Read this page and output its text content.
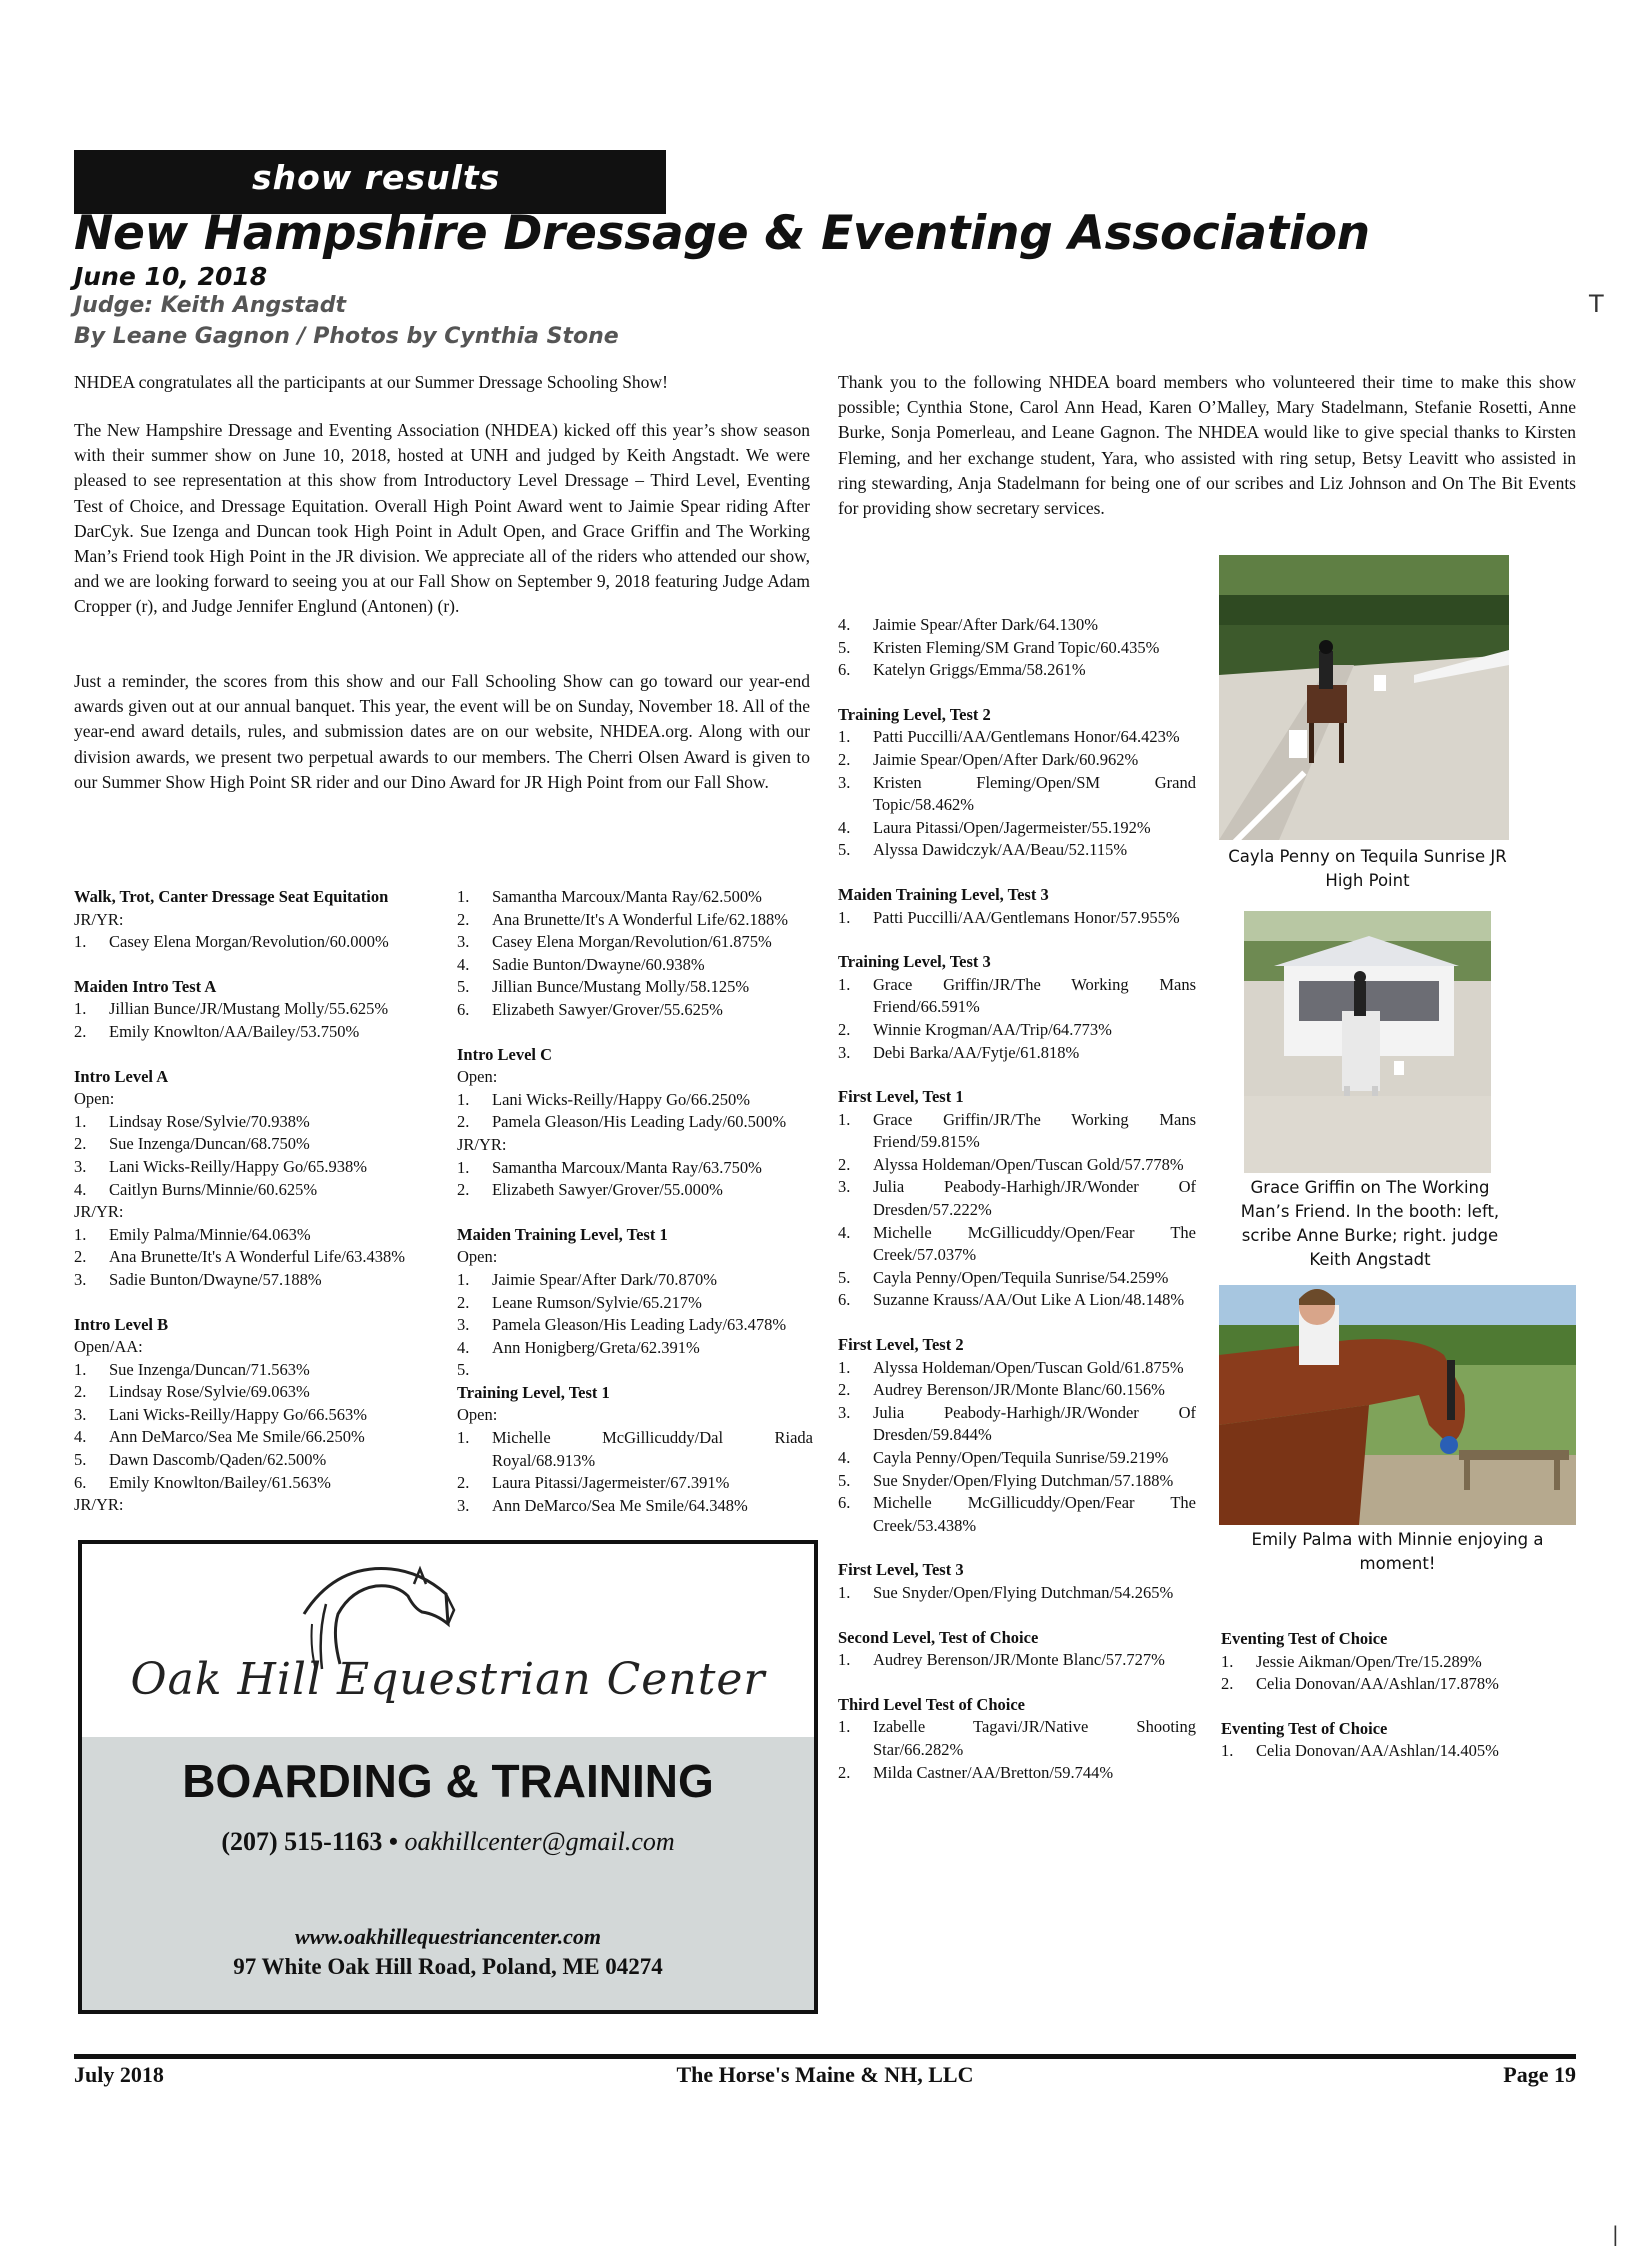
show results
New Hampshire Dressage & Eventing Association
June 10, 2018
Judge: Keith Angstadt
By Leane Gagnon / Photos by Cynthia Stone
T
|

NHDEA congratulates all the participants at our Summer Dressage Schooling Show!

The New Hampshire Dressage and Eventing Association (NHDEA) kicked off this year’s show season with their summer show on June 10, 2018, hosted at UNH and judged by Keith Angstadt. We were pleased to see representation at this show from Introductory Level Dressage – Third Level, Eventing Test of Choice, and Dressage Equitation. Overall High Point Award went to Jaimie Spear riding After DarCyk. Sue Izenga and Duncan took High Point in Adult Open, and Grace Griffin and The Working Man’s Friend took High Point in the JR division. We appreciate all of the riders who attended our show, and we are looking forward to seeing you at our Fall Show on September 9, 2018 featuring Judge Adam Cropper (r), and Judge Jennifer Englund (Antonen) (r).

Just a reminder, the scores from this show and our Fall Schooling Show can go toward our year-end awards given out at our annual banquet. This year, the event will be on Sunday, November 18. All of the year-end award details, rules, and submission dates are on our website, NHDEA.org. Along with our division awards, we present two perpetual awards to our members. The Cherri Olsen Award is given to our Summer Show High Point SR rider and our Dino Award for JR High Point from our Fall Show.

Thank you to the following NHDEA board members who volunteered their time to make this show possible; Cynthia Stone, Carol Ann Head, Karen O’Malley, Mary Stadelmann, Stefanie Rosetti, Anne Burke, Sonja Pomerleau, and Leane Gagnon. The NHDEA would like to give special thanks to Kirsten Fleming, and her exchange student, Yara, who assisted with ring setup, Betsy Leavitt who assisted in ring stewarding, Anja Stadelmann for being one of our scribes and Liz Johnson and On The Bit Events for providing show secretary services.

Walk, Trot, Canter Dressage Seat Equitation
JR/YR:
1.	Casey Elena Morgan/Revolution/60.000%
Maiden Intro Test A
1.	Jillian Bunce/JR/Mustang Molly/55.625%
2.	Emily Knowlton/AA/Bailey/53.750%
Intro Level A
Open:
1.	Lindsay Rose/Sylvie/70.938%
2.	Sue Inzenga/Duncan/68.750%
3.	Lani Wicks-Reilly/Happy Go/65.938%
4.	Caitlyn Burns/Minnie/60.625%
JR/YR:
1.	Emily Palma/Minnie/64.063%
2.	Ana Brunette/It's A Wonderful Life/63.438%
3.	Sadie Bunton/Dwayne/57.188%
Intro Level B
Open/AA:
1.	Sue Inzenga/Duncan/71.563%
2.	Lindsay Rose/Sylvie/69.063%
3.	Lani Wicks-Reilly/Happy Go/66.563%
4.	Ann DeMarco/Sea Me Smile/66.250%
5.	Dawn Dascomb/Qaden/62.500%
6.	Emily Knowlton/Bailey/61.563%
JR/YR:
1.	Samantha Marcoux/Manta Ray/62.500%
2.	Ana Brunette/It's A Wonderful Life/62.188%
3.	Casey Elena Morgan/Revolution/61.875%
4.	Sadie Bunton/Dwayne/60.938%
5.	Jillian Bunce/Mustang Molly/58.125%
6.	Elizabeth Sawyer/Grover/55.625%
Intro Level C
Open:
1.	Lani Wicks-Reilly/Happy Go/66.250%
2.	Pamela Gleason/His Leading Lady/60.500%
JR/YR:
1.	Samantha Marcoux/Manta Ray/63.750%
2.	Elizabeth Sawyer/Grover/55.000%
Maiden Training Level, Test 1
Open:
1.	Jaimie Spear/After Dark/70.870%
2.	Leane Rumson/Sylvie/65.217%
3.	Pamela Gleason/His Leading Lady/63.478%
4.	Ann Honigberg/Greta/62.391%
5.
Training Level, Test 1
Open:
1.	Michelle McGillicuddy/Dal Riada Royal/68.913%
2.	Laura Pitassi/Jagermeister/67.391%
3.	Ann DeMarco/Sea Me Smile/64.348%
4.	Jaimie Spear/After Dark/64.130%
5.	Kristen Fleming/SM Grand Topic/60.435%
6.	Katelyn Griggs/Emma/58.261%
Training Level, Test 2
1.	Patti Puccilli/AA/Gentlemans Honor/64.423%
2.	Jaimie Spear/Open/After Dark/60.962%
3.	Kristen Fleming/Open/SM Grand Topic/58.462%
4.	Laura Pitassi/Open/Jagermeister/55.192%
5.	Alyssa Dawidczyk/AA/Beau/52.115%
Maiden Training Level, Test 3
1.	Patti Puccilli/AA/Gentlemans Honor/57.955%
Training Level, Test 3
1.	Grace Griffin/JR/The Working Mans Friend/66.591%
2.	Winnie Krogman/AA/Trip/64.773%
3.	Debi Barka/AA/Fytje/61.818%
First Level, Test 1
1.	Grace Griffin/JR/The Working Mans Friend/59.815%
2.	Alyssa Holdeman/Open/Tuscan Gold/57.778%
3.	Julia Peabody-Harhigh/JR/Wonder Of Dresden/57.222%
4.	Michelle McGillicuddy/Open/Fear The Creek/57.037%
5.	Cayla Penny/Open/Tequila Sunrise/54.259%
6.	Suzanne Krauss/AA/Out Like A Lion/48.148%
First Level, Test 2
1.	Alyssa Holdeman/Open/Tuscan Gold/61.875%
2.	Audrey Berenson/JR/Monte Blanc/60.156%
3.	Julia Peabody-Harhigh/JR/Wonder Of Dresden/59.844%
4.	Cayla Penny/Open/Tequila Sunrise/59.219%
5.	Sue Snyder/Open/Flying Dutchman/57.188%
6.	Michelle McGillicuddy/Open/Fear The Creek/53.438%
First Level, Test 3
1.	Sue Snyder/Open/Flying Dutchman/54.265%
Second Level, Test of Choice
1.	Audrey Berenson/JR/Monte Blanc/57.727%
Third Level Test of Choice
1.	Izabelle Tagavi/JR/Native Shooting Star/66.282%
2.	Milda Castner/AA/Bretton/59.744%
Eventing Test of Choice
1.	Jessie Aikman/Open/Tre/15.289%
2.	Celia Donovan/AA/Ashlan/17.878%
Eventing Test of Choice
1.	Celia Donovan/AA/Ashlan/14.405%
Cayla Penny on Tequila Sunrise JR High Point
Grace Griffin on The Working Man’s Friend. In the booth: left, scribe Anne Burke; right. judge Keith Angstadt
Emily Palma with Minnie enjoying a moment!
Oak Hill Equestrian Center
BOARDING & TRAINING
(207) 515-1163 • oakhillcenter@gmail.com
www.oakhillequestriancenter.com
97 White Oak Hill Road, Poland, ME 04274
July 2018	The Horse's Maine & NH, LLC	Page 19
